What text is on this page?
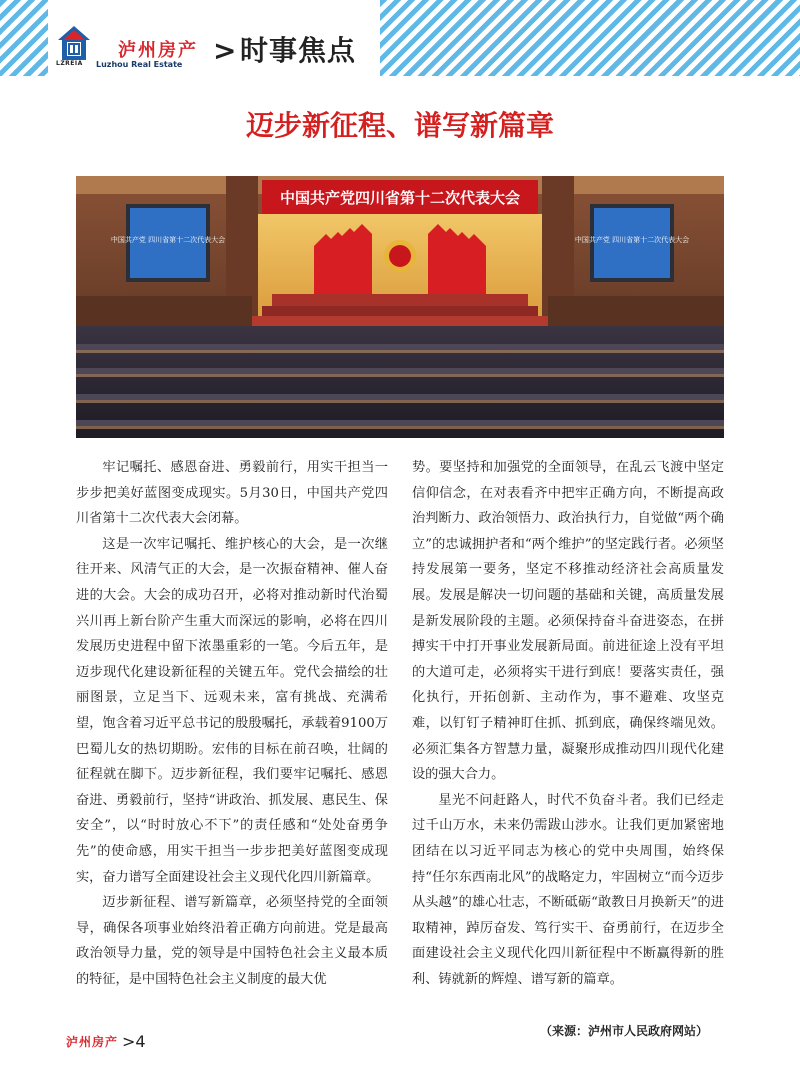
LZREIA
泸州房产
Luzhou Real Estate > 时事焦点
迈步新征程、谱写新篇章
中国共产党四川省第十二次代表大会
中国共产党 四川省第十二次代表大会	中国共产党 四川省第十二次代表大会

牢记嘱托、感恩奋进、勇毅前行，用实干担当一步步把美好蓝图变成现实。5月30日，中国共产党四川省第十二次代表大会闭幕。

这是一次牢记嘱托、维护核心的大会，是一次继往开来、风清气正的大会，是一次振奋精神、催人奋进的大会。大会的成功召开，必将对推动新时代治蜀兴川再上新台阶产生重大而深远的影响，必将在四川发展历史进程中留下浓墨重彩的一笔。今后五年，是迈步现代化建设新征程的关键五年。党代会描绘的壮丽图景，立足当下、远观未来，富有挑战、充满希望，饱含着习近平总书记的殷殷嘱托，承载着9100万巴蜀儿女的热切期盼。宏伟的目标在前召唤，壮阔的征程就在脚下。迈步新征程，我们要牢记嘱托、感恩奋进、勇毅前行，坚持“讲政治、抓发展、惠民生、保安全”，以“时时放心不下”的责任感和“处处奋勇争先”的使命感，用实干担当一步步把美好蓝图变成现实，奋力谱写全面建设社会主义现代化四川新篇章。

迈步新征程、谱写新篇章，必须坚持党的全面领导，确保各项事业始终沿着正确方向前进。党是最高政治领导力量，党的领导是中国特色社会主义最本质的特征，是中国特色社会主义制度的最大优

势。要坚持和加强党的全面领导，在乱云飞渡中坚定信仰信念，在对表看齐中把牢正确方向，不断提高政治判断力、政治领悟力、政治执行力，自觉做“两个确立”的忠诚拥护者和“两个维护”的坚定践行者。必须坚持发展第一要务，坚定不移推动经济社会高质量发展。发展是解决一切问题的基础和关键，高质量发展是新发展阶段的主题。必须保持奋斗奋进姿态，在拼搏实干中打开事业发展新局面。前进征途上没有平坦的大道可走，必须将实干进行到底！要落实责任，强化执行，开拓创新、主动作为，事不避难、攻坚克难，以钉钉子精神盯住抓、抓到底，确保终端见效。必须汇集各方智慧力量，凝聚形成推动四川现代化建设的强大合力。

星光不问赶路人，时代不负奋斗者。我们已经走过千山万水，未来仍需跋山涉水。让我们更加紧密地团结在以习近平同志为核心的党中央周围，始终保持“任尔东西南北风”的战略定力，牢固树立“而今迈步从头越”的雄心壮志，不断砥砺“敢教日月换新天”的进取精神，踔厉奋发、笃行实干、奋勇前行，在迈步全面建设社会主义现代化四川新征程中不断赢得新的胜利、铸就新的辉煌、谱写新的篇章。

（来源：泸州市人民政府网站）
泸州房产 >4
